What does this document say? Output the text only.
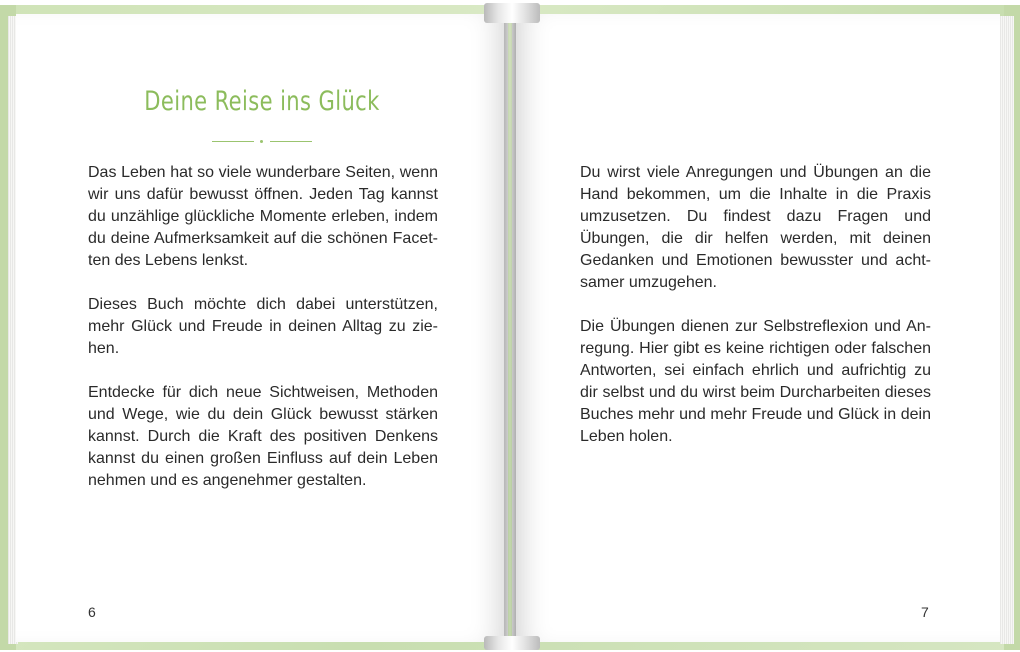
Deine Reise ins Glück

Das Leben hat so viele wunderbare Seiten, wenn wir uns dafür bewusst öffnen. Jeden Tag kannst du unzählige glückliche Momente erleben, indem du deine Aufmerksamkeit auf die schönen Facetten des Lebens lenkst.

Dieses Buch möchte dich dabei unterstützen, mehr Glück und Freude in deinen Alltag zu ziehen.

Entdecke für dich neue Sichtweisen, Methoden und Wege, wie du dein Glück bewusst stärken kannst. Durch die Kraft des positiven Denkens kannst du einen großen Einfluss auf dein Leben nehmen und es angenehmer gestalten.

6

Du wirst viele Anregungen und Übungen an die Hand bekommen, um die Inhalte in die Praxis umzusetzen. Du findest dazu Fragen und Übungen, die dir helfen werden, mit deinen Gedanken und Emotionen bewusster und achtsamer umzugehen.

Die Übungen dienen zur Selbstreflexion und Anregung. Hier gibt es keine richtigen oder falschen Antworten, sei einfach ehrlich und aufrichtig zu dir selbst und du wirst beim Durcharbeiten dieses Buches mehr und mehr Freude und Glück in dein Leben holen.

7
